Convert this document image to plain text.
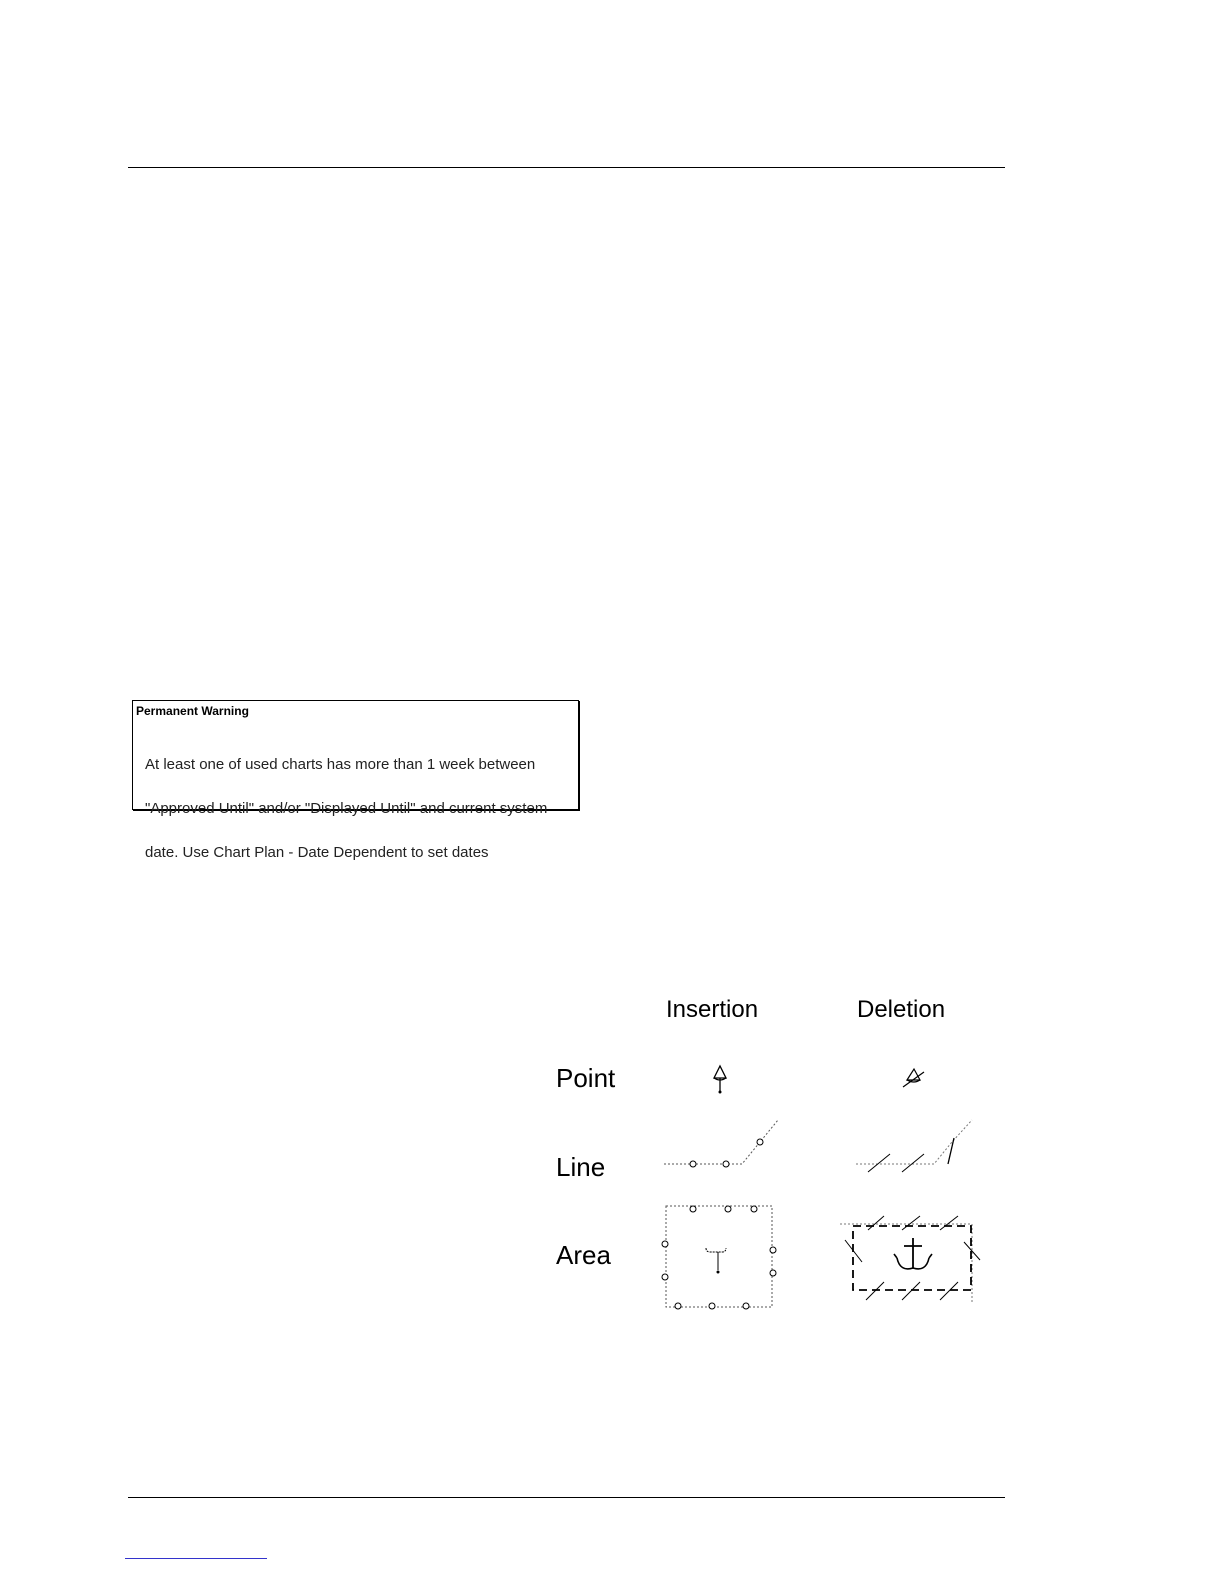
Permanent Warning

At least one of used charts has more than 1 week between

"Approved Until" and/or "Displayed Until" and current system

date. Use Chart Plan - Date Dependent to set dates

Insertion	Deletion
Point
Line
Area
